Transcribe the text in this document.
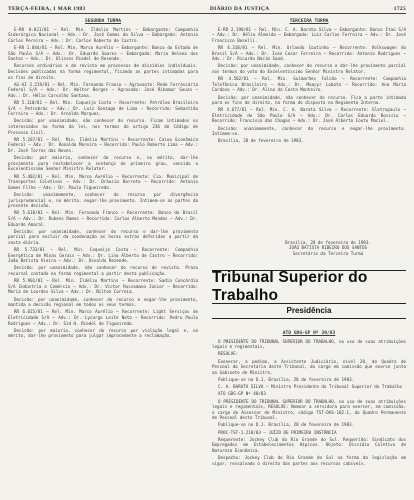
TERÇA-FEIRA, 1 MAR 1983	DIÁRIO DA JUSTIÇA	1725
SEGUNDA TURMA

E-RR 0.821/81 — Rel. Min. Ildelio Martins — Embargante: Companhia Siderúrgica Nacional — Adv.: Dr. José Gomes da Silva — Embargado: Antonio Carlos Pereira — Adv.: Dr. Carlos Roberto de Castro.

E-RR 1.044/81 — Rel. Min. Marco Aurélio — Embargante: Banco do Estado de São Paulo S/A — Adv.: Dr. Eduardo Soares — Embargado: Maria Helena dos Santos — Adv.: Dr. Ulisses Riedel de Resende.

Recursos ordinários e de revista em processos de dissídios individuais. Decisões publicadas na forma regimental, ficando as partes intimadas para os fins de direito.

AG-AI 3.219/81 — Rel. Min. Fernando Franco — Agravante: Rede Ferroviária Federal S/A — Adv.: Dr. Walter Borges — Agravado: José Ribamar Souza — Adv.: Dr. Hélio Carvalho Santana.

RR 5.110/81 — Rel. Min. Coqueijo Costa — Recorrente: Petróleo Brasileiro S/A — Petrobrás — Adv.: Dr. Luiz Gonzaga de Lima — Recorrido: Sebastião Ferreira — Adv.: Dr. Arnaldo Marques.

Decisão: por unanimidade, não conhecer do recurso. Ficam intimados os interessados na forma da lei, nos termos do artigo 236 do Código de Processo Civil.

RR 5.287/81 — Rel. Min. Ildelio Martins — Recorrente: Caixa Econômica Federal — Adv.: Dr. Ronaldo Moreira — Recorrido: Paulo Roberto Lima — Adv.: Dr. José Torres das Neves.

Decisão: por maioria, conhecer do recurso e, no mérito, dar-lhe provimento para restabelecer a sentença de primeiro grau, vencido o Excelentíssimo Senhor Ministro Relator.

RR 5.402/81 — Rel. Min. Marco Aurélio — Recorrente: Cia. Municipal de Transportes Coletivos — Adv.: Dr. Dráusio Barreto — Recorrido: Antonio Gomes Filho — Adv.: Dr. Paulo Figueiredo.

Decisão: unanimemente, conhecer do recurso por divergência jurisprudencial e, no mérito, negar-lhe provimento. Intimem-se as partes da presente decisão.

RR 5.618/81 — Rel. Min. Fernando Franco — Recorrente: Banco do Brasil S/A — Adv.: Dr. Rubens Ramos — Recorrido: Carlos Alberto Mendes — Adv.: Dr. Eduardo Amaral.

Decisão: por unanimidade, conhecer do recurso e dar-lhe provimento parcial para excluir da condenação as horas extras deferidas a partir da sexta diária.

RR 5.733/81 — Rel. Min. Coqueijo Costa — Recorrente: Companhia Energética de Minas Gerais — Adv.: Dr. Lino Alberto de Castro — Recorrido: João Batista Vieira — Adv.: Dr. Osvaldo Rezende.

Decisão: por unanimidade, não conhecer do recurso de revista. Prazo recursal contado na forma regimental a partir desta publicação.

RR 5.901/81 — Rel. Min. Ildelio Martins — Recorrente: Sadia Concórdia S/A Indústria e Comércio — Adv.: Dr. Victor Russomano Júnior — Recorrido: Maria de Lourdes Silva — Adv.: Dr. Nilton Correia.

Decisão: por unanimidade, conhecer do recurso e negar-lhe provimento, mantida a decisão regional em todos os seus termos.

RR 6.015/81 — Rel. Min. Marco Aurélio — Recorrente: Light Serviços de Eletricidade S/A — Adv.: Dr. Lycurgo Leite Neto — Recorrido: Pedro Paulo Rodrigues — Adv.: Dr. Sid H. Riedel de Figueiredo.

Decisão: por maioria, conhecer do recurso por violação legal e, no mérito, dar-lhe provimento para julgar improcedente a reclamação.

TERCEIRA TURMA

E-RR 2.190/81 — Rel. Min. C. A. Barata Silva — Embargante: Banco Itaú S/A — Adv.: Dr. Hélio Almeida — Embargado: Luiz Carlos Ferreira — Adv.: Dr. José Francisco Boselli.

RR 4.318/81 — Rel. Min. Orlando Coutinho — Recorrente: Volkswagen do Brasil S/A — Adv.: Dr. Ivan Cesar Ferreira — Recorrido: Antonio Rodrigues — Adv.: Dr. Ricardo Nacim Saad.

Decisão: por unanimidade, conhecer do recurso e dar-lhe provimento parcial nos termos do voto do Excelentíssimo Senhor Ministro Relator.

RR 4.502/81 — Rel. Min. Guimarães Falcão — Recorrente: Companhia Telefônica Brasileira — Adv.: Dr. Moacyr Lobato — Recorrido: Ana Maria Cardoso — Adv.: Dr. Alino da Costa Monteiro.

Decisão: por unanimidade, não conhecer do recurso. Fica a parte intimada para os fins de direito, na forma do disposto no Regimento Interno.

RR 4.677/81 — Rel. Min. C. A. Barata Silva — Recorrente: Eletropaulo — Eletricidade de São Paulo S/A — Adv.: Dr. Carlos Eduardo Bosisio — Recorrido: Francisco das Chagas — Adv.: Dr. José Alberto Couto Maciel.

Decisão: unanimemente, conhecer do recurso e negar-lhe provimento. Intimem-se.

Brasília, 28 de fevereiro de 1983.

Brasília, 28 de fevereiro de 1983.
JOÃO BATISTA RIBEIRO DOS SANTOS
Secretário da Terceira Turma
Tribunal Superior do Trabalho
Presidência
ATO GDG-GP Nº 39/83

O PRESIDENTE DO TRIBUNAL SUPERIOR DO TRABALHO, no uso de suas atribuições legais e regimentais,

RESOLVE:

Exonerar, a pedido, a Assistente Judiciária, nível 20, do Quadro de Pessoal da Secretaria deste Tribunal, do cargo em comissão que exerce junto ao Gabinete de Ministro.

Publique-se no D.J. Brasília, 28 de fevereiro de 1983.

C. A. BARATA SILVA — Ministro Presidente do Tribunal Superior do Trabalho

ATO GDG-GP Nº 40/83

O PRESIDENTE DO TRIBUNAL SUPERIOR DO TRABALHO, no uso de suas atribuições legais e regimentais, RESOLVE: Nomear a servidora para exercer, em comissão, o cargo de Assessor de Ministro, código TST-DAS-102.1, do Quadro Permanente de Pessoal deste Tribunal.

Publique-se no D.J. Brasília, 28 de fevereiro de 1983.

PROC-TST-1.210/83 — JUÍZO DE PRIMEIRA INSTÂNCIA

Requerente: Jockey Club do Rio Grande do Sul. Requerido: Sindicato dos Empregados em Estabelecimentos Hípicos. Objeto: Dissídio Coletivo de Natureza Econômica.

Despacho: Jockey Club do Rio Grande do Sul na forma da legislação em vigor, ressalvado o direito das partes aos recursos cabíveis.
